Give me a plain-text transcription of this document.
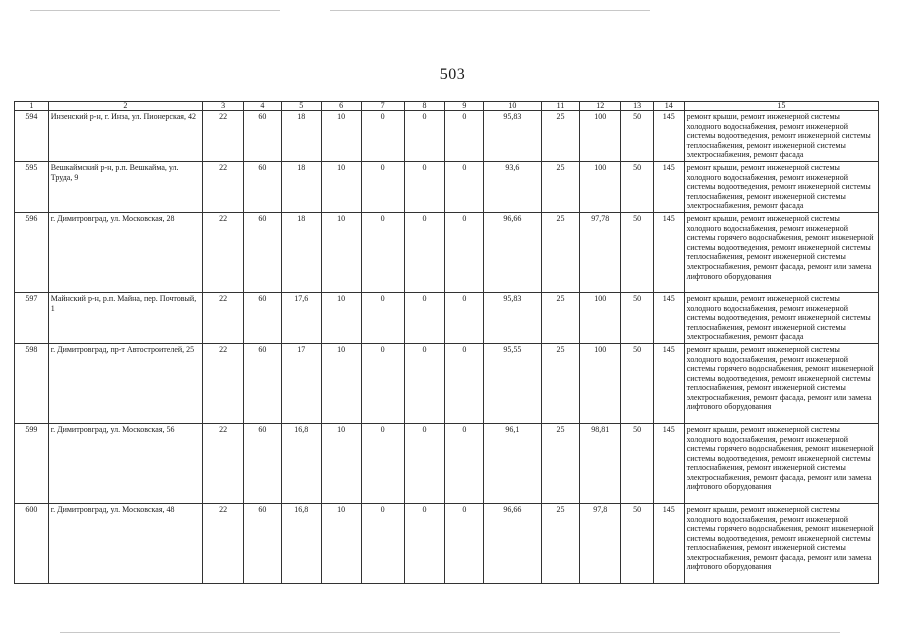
503
1	2	3	4	5	6	7	8	9	10	11	12	13	14	15
594	Инзенский р-н, г. Инза, ул. Пионерская, 42	22	60	18	10	0	0	0	95,83	25	100	50	145	ремонт крыши, ремонт инженерной системы холодного водоснабжения, ремонт инженерной системы водоотведения, ремонт инженерной системы теплоснабжения, ремонт инженерной системы электроснабжения, ремонт фасада
595	Вешкаймский р-н, р.п. Вешкайма, ул. Труда, 9	22	60	18	10	0	0	0	93,6	25	100	50	145	ремонт крыши, ремонт инженерной системы холодного водоснабжения, ремонт инженерной системы водоотведения, ремонт инженерной системы теплоснабжения, ремонт инженерной системы электроснабжения, ремонт фасада
596	г. Димитровград, ул. Московская, 28	22	60	18	10	0	0	0	96,66	25	97,78	50	145	ремонт крыши, ремонт инженерной системы холодного водоснабжения, ремонт инженерной системы горячего водоснабжения, ремонт инженерной системы водоотведения, ремонт инженерной системы теплоснабжения, ремонт инженерной системы электроснабжения, ремонт фасада, ремонт или замена лифтового оборудования
597	Майнский р-н, р.п. Майна, пер. Почтовый, 1	22	60	17,6	10	0	0	0	95,83	25	100	50	145	ремонт крыши, ремонт инженерной системы холодного водоснабжения, ремонт инженерной системы водоотведения, ремонт инженерной системы теплоснабжения, ремонт инженерной системы электроснабжения, ремонт фасада
598	г. Димитровград, пр-т Автостроителей, 25	22	60	17	10	0	0	0	95,55	25	100	50	145	ремонт крыши, ремонт инженерной системы холодного водоснабжения, ремонт инженерной системы горячего водоснабжения, ремонт инженерной системы водоотведения, ремонт инженерной системы теплоснабжения, ремонт инженерной системы электроснабжения, ремонт фасада, ремонт или замена лифтового оборудования
599	г. Димитровград, ул. Московская, 56	22	60	16,8	10	0	0	0	96,1	25	98,81	50	145	ремонт крыши, ремонт инженерной системы холодного водоснабжения, ремонт инженерной системы горячего водоснабжения, ремонт инженерной системы водоотведения, ремонт инженерной системы теплоснабжения, ремонт инженерной системы электроснабжения, ремонт фасада, ремонт или замена лифтового оборудования
600	г. Димитровград, ул. Московская, 48	22	60	16,8	10	0	0	0	96,66	25	97,8	50	145	ремонт крыши, ремонт инженерной системы холодного водоснабжения, ремонт инженерной системы горячего водоснабжения, ремонт инженерной системы водоотведения, ремонт инженерной системы теплоснабжения, ремонт инженерной системы электроснабжения, ремонт фасада, ремонт или замена лифтового оборудования
